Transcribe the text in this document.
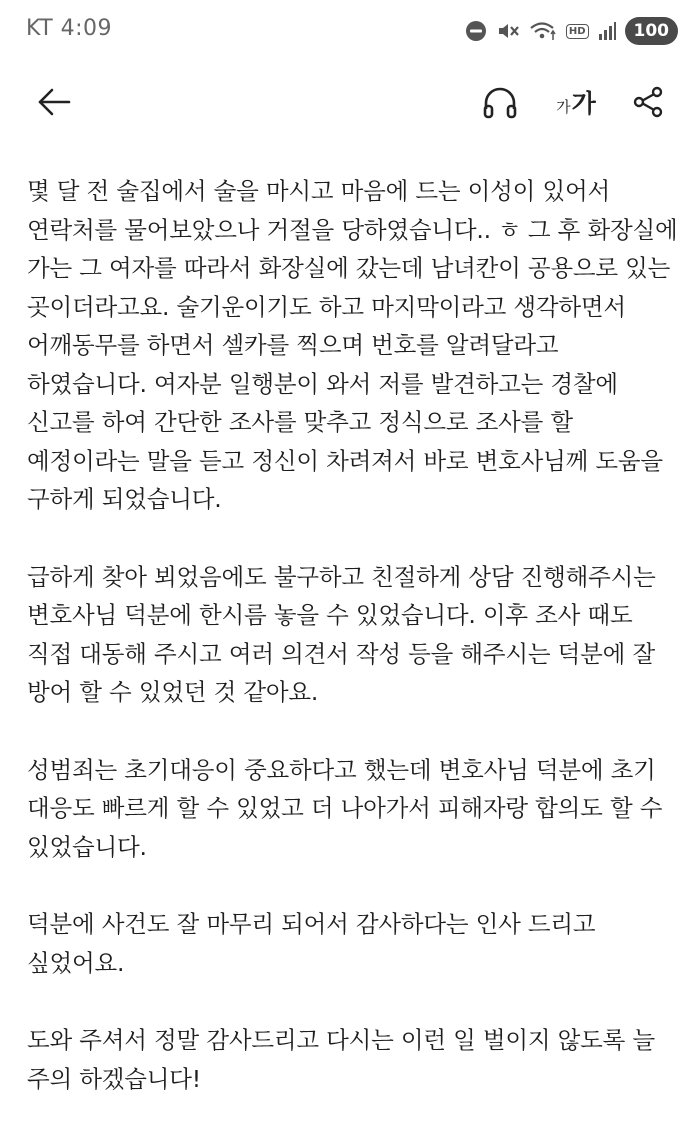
KT 4:09	HD	100
가 가

몇 달 전 술집에서 술을 마시고 마음에 드는 이성이 있어서
연락처를 물어보았으나 거절을 당하였습니다.. ㅎ 그 후 화장실에
가는 그 여자를 따라서 화장실에 갔는데 남녀칸이 공용으로 있는
곳이더라고요. 술기운이기도 하고 마지막이라고 생각하면서
어깨동무를 하면서 셀카를 찍으며 번호를 알려달라고
하였습니다. 여자분 일행분이 와서 저를 발견하고는 경찰에
신고를 하여 간단한 조사를 맞추고 정식으로 조사를 할
예정이라는 말을 듣고 정신이 차려져서 바로 변호사님께 도움을
구하게 되었습니다.

급하게 찾아 뵈었음에도 불구하고 친절하게 상담 진행해주시는
변호사님 덕분에 한시름 놓을 수 있었습니다. 이후 조사 때도
직접 대동해 주시고 여러 의견서 작성 등을 해주시는 덕분에 잘
방어 할 수 있었던 것 같아요.

성범죄는 초기대응이 중요하다고 했는데 변호사님 덕분에 초기
대응도 빠르게 할 수 있었고 더 나아가서 피해자랑 합의도 할 수
있었습니다.

덕분에 사건도 잘 마무리 되어서 감사하다는 인사 드리고
싶었어요.

도와 주셔서 정말 감사드리고 다시는 이런 일 벌이지 않도록 늘
주의 하겠습니다!
